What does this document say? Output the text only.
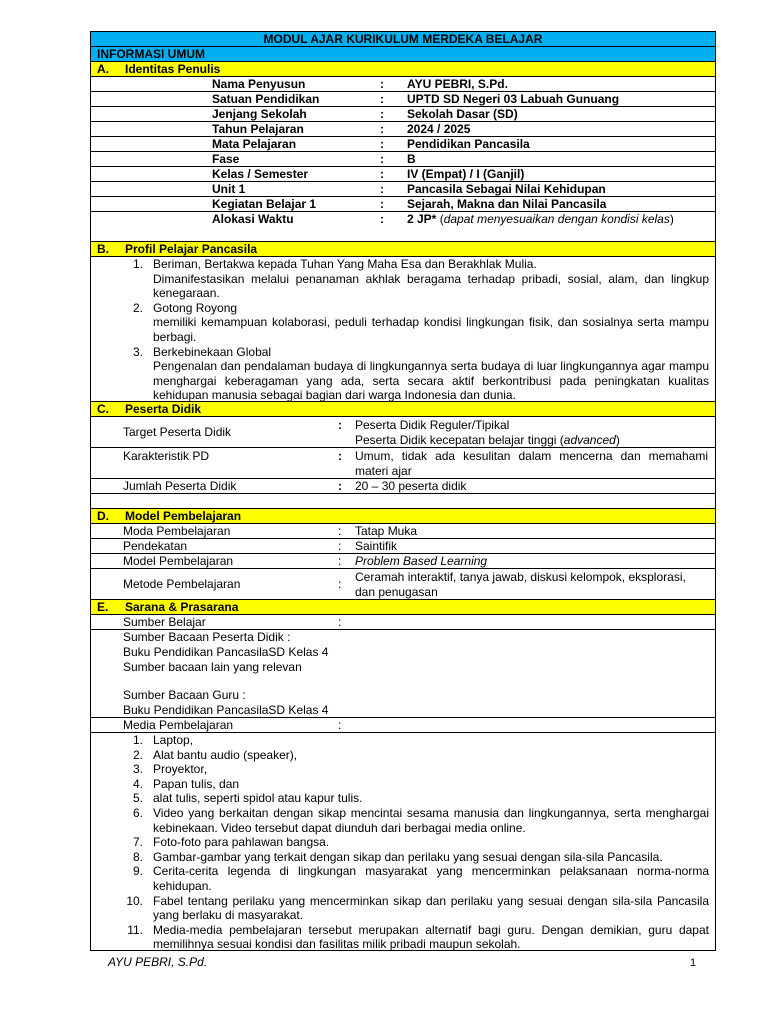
MODUL AJAR KURIKULUM MERDEKA BELAJAR
INFORMASI UMUM
A. Identitas Penulis
Nama Penyusun	: AYU PEBRI, S.Pd.
Satuan Pendidikan	: UPTD SD Negeri 03 Labuah Gunuang
Jenjang Sekolah	: Sekolah Dasar (SD)
Tahun Pelajaran	: 2024 / 2025
Mata Pelajaran	: Pendidikan Pancasila
Fase	: B
Kelas / Semester	: IV (Empat) / I (Ganjil)
Unit 1	: Pancasila Sebagai Nilai Kehidupan
Kegiatan Belajar 1	: Sejarah, Makna dan Nilai Pancasila
Alokasi Waktu	: 2 JP* (dapat menyesuaikan dengan kondisi kelas)
B. Profil Pelajar Pancasila
1. Beriman, Bertakwa kepada Tuhan Yang Maha Esa dan Berakhlak Mulia.
Dimanifestasikan melalui penanaman akhlak beragama terhadap pribadi, sosial, alam, dan lingkup kenegaraan.
2. Gotong Royong
memiliki kemampuan kolaborasi, peduli terhadap kondisi lingkungan fisik, dan sosialnya serta mampu berbagi.
3. Berkebinekaan Global
Pengenalan dan pendalaman budaya di lingkungannya serta budaya di luar lingkungannya agar mampu menghargai keberagaman yang ada, serta secara aktif berkontribusi pada peningkatan kualitas kehidupan manusia sebagai bagian dari warga Indonesia dan dunia.
C. Peserta Didik
Target Peserta Didik	: Peserta Didik Reguler/Tipikal
Peserta Didik kecepatan belajar tinggi (advanced)
Karakteristik PD	: Umum, tidak ada kesulitan dalam mencerna dan memahami materi ajar
Jumlah Peserta Didik	: 20 – 30 peserta didik
D. Model Pembelajaran
Moda Pembelajaran	: Tatap Muka
Pendekatan	: Saintifik
Model Pembelajaran	: Problem Based Learning
Metode Pembelajaran	: Ceramah interaktif, tanya jawab, diskusi kelompok, eksplorasi, dan penugasan
E. Sarana & Prasarana
Sumber Belajar	:
Sumber Bacaan Peserta Didik :
Buku Pendidikan PancasilaSD Kelas 4
Sumber bacaan lain yang relevan
Sumber Bacaan Guru :
Buku Pendidikan PancasilaSD Kelas 4
Media Pembelajaran	:
1. Laptop,
2. Alat bantu audio (speaker),
3. Proyektor,
4. Papan tulis, dan
5. alat tulis, seperti spidol atau kapur tulis.
6. Video yang berkaitan dengan sikap mencintai sesama manusia dan lingkungannya, serta menghargai kebinekaan. Video tersebut dapat diunduh dari berbagai media online.
7. Foto-foto para pahlawan bangsa.
8. Gambar-gambar yang terkait dengan sikap dan perilaku yang sesuai dengan sila-sila Pancasila.
9. Cerita-cerita legenda di lingkungan masyarakat yang mencerminkan pelaksanaan norma-norma kehidupan.
10. Fabel tentang perilaku yang mencerminkan sikap dan perilaku yang sesuai dengan sila-sila Pancasila yang berlaku di masyarakat.
11. Media-media pembelajaran tersebut merupakan alternatif bagi guru. Dengan demikian, guru dapat memilihnya sesuai kondisi dan fasilitas milik pribadi maupun sekolah.
AYU PEBRI, S.Pd.	1
